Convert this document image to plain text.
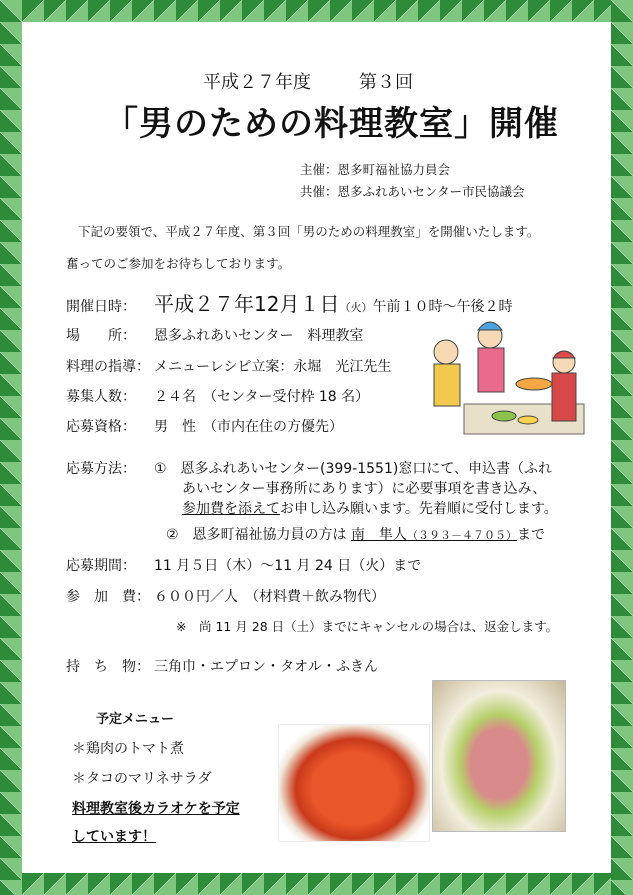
平成２７年度	第３回
「男のための料理教室」開催
主催：恩多町福祉協力員会
共催：恩多ふれあいセンター市民協議会
下記の要領で、平成２７年度、第３回「男のための料理教室」を開催いたします。
奮ってのご参加をお待ちしております。
開催日時： 平成２７年12月１日（火）午前１０時〜午後２時
場　　所： 恩多ふれあいセンター　料理教室
料理の指導： メニューレシピ立案：永堀　光江先生
募集人数： ２４名　（センター受付枠 18 名）
応募資格： 男　性　（市内在住の方優先）
応募方法： ①　恩多ふれあいセンター(399-1551)窓口にて、申込書（ふれ
あいセンター事務所にあります）に必要事項を書き込み、
参加費を添えてお申し込み願います。先着順に受付します。
②　恩多町福祉協力員の方は 南　隼人（３９３－４７０５）まで
応募期間： 11 月５日（木）〜11 月 24 日（火）まで
参　加　費： ６００円／人　（材料費＋飲み物代）
※　尚 11 月 28 日（土）までにキャンセルの場合は、返金します。
持　ち　物： 三角巾・エプロン・タオル・ふきん
予定メニュー
＊鶏肉のトマト煮
＊タコのマリネサラダ
料理教室後カラオケを予定
しています！
